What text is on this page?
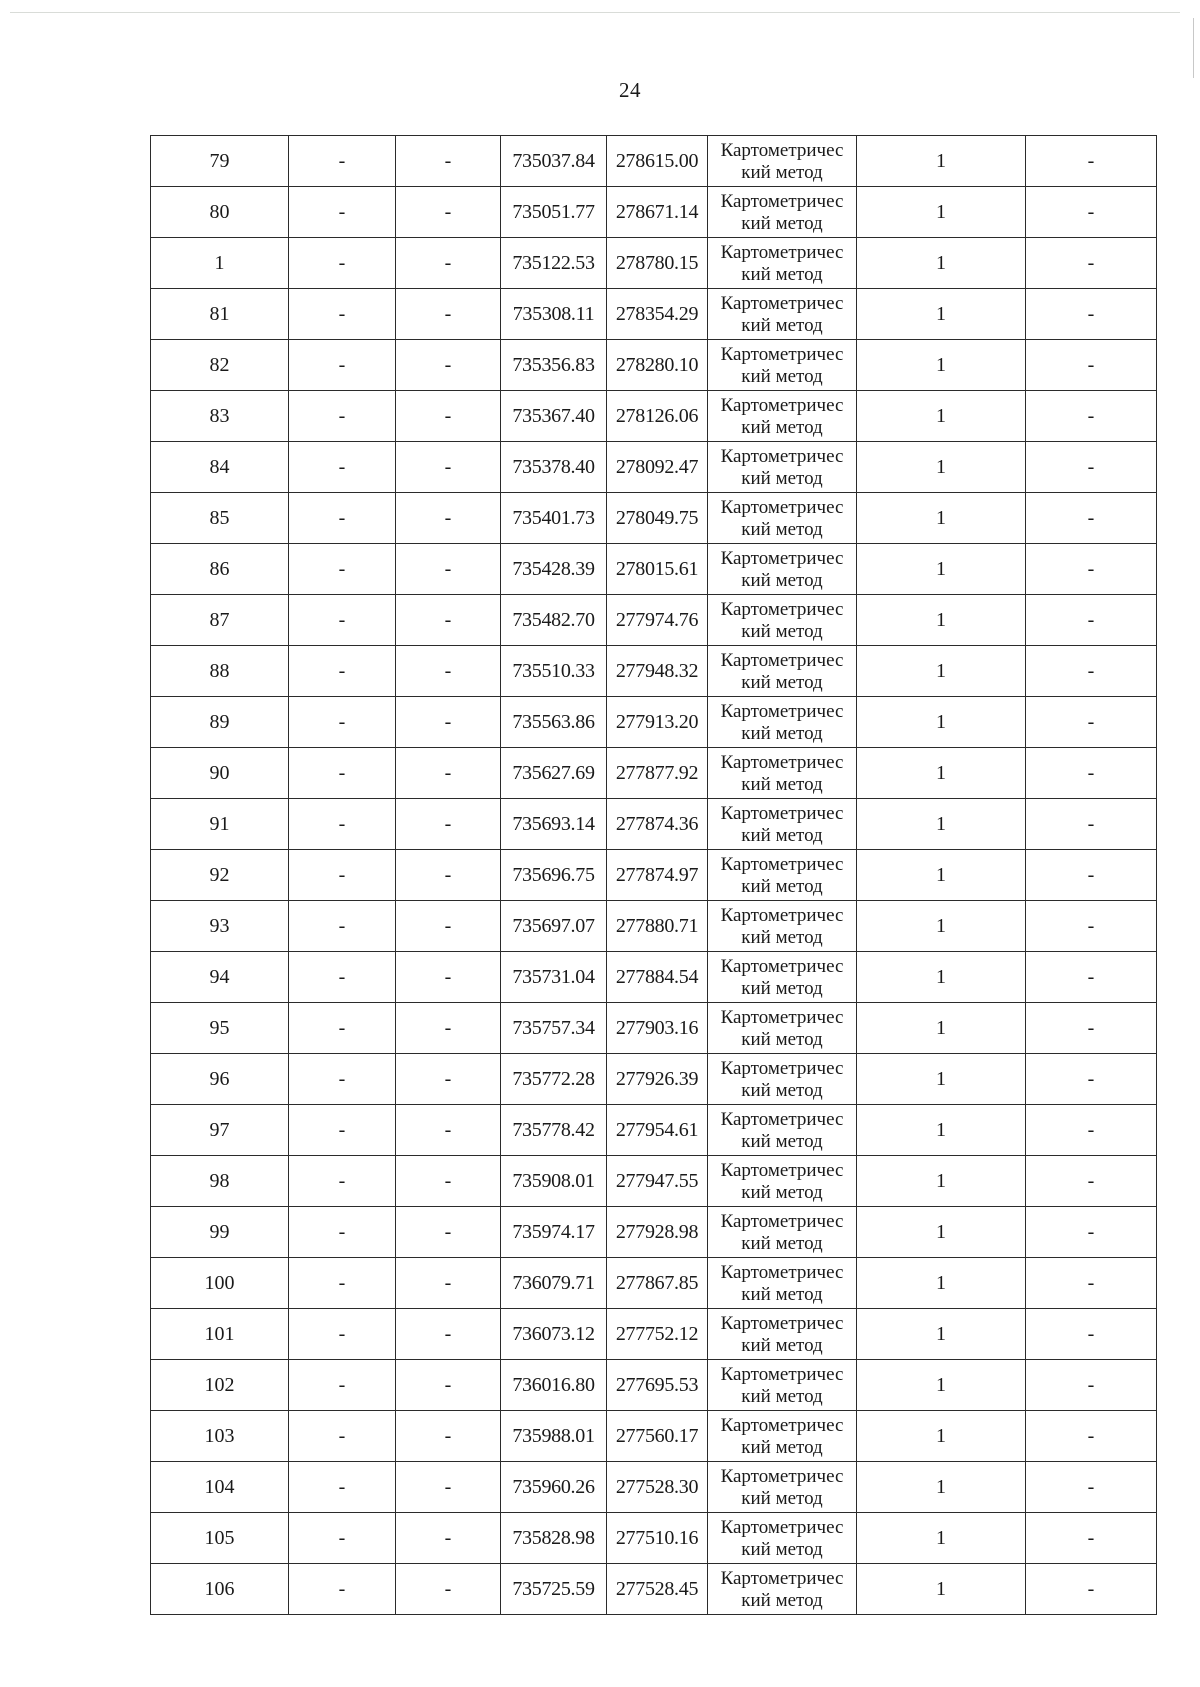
24
79	-	-	735037.84	278615.00	Картометричес
кий метод	1	-
80	-	-	735051.77	278671.14	Картометричес
кий метод	1	-
1	-	-	735122.53	278780.15	Картометричес
кий метод	1	-
81	-	-	735308.11	278354.29	Картометричес
кий метод	1	-
82	-	-	735356.83	278280.10	Картометричес
кий метод	1	-
83	-	-	735367.40	278126.06	Картометричес
кий метод	1	-
84	-	-	735378.40	278092.47	Картометричес
кий метод	1	-
85	-	-	735401.73	278049.75	Картометричес
кий метод	1	-
86	-	-	735428.39	278015.61	Картометричес
кий метод	1	-
87	-	-	735482.70	277974.76	Картометричес
кий метод	1	-
88	-	-	735510.33	277948.32	Картометричес
кий метод	1	-
89	-	-	735563.86	277913.20	Картометричес
кий метод	1	-
90	-	-	735627.69	277877.92	Картометричес
кий метод	1	-
91	-	-	735693.14	277874.36	Картометричес
кий метод	1	-
92	-	-	735696.75	277874.97	Картометричес
кий метод	1	-
93	-	-	735697.07	277880.71	Картометричес
кий метод	1	-
94	-	-	735731.04	277884.54	Картометричес
кий метод	1	-
95	-	-	735757.34	277903.16	Картометричес
кий метод	1	-
96	-	-	735772.28	277926.39	Картометричес
кий метод	1	-
97	-	-	735778.42	277954.61	Картометричес
кий метод	1	-
98	-	-	735908.01	277947.55	Картометричес
кий метод	1	-
99	-	-	735974.17	277928.98	Картометричес
кий метод	1	-
100	-	-	736079.71	277867.85	Картометричес
кий метод	1	-
101	-	-	736073.12	277752.12	Картометричес
кий метод	1	-
102	-	-	736016.80	277695.53	Картометричес
кий метод	1	-
103	-	-	735988.01	277560.17	Картометричес
кий метод	1	-
104	-	-	735960.26	277528.30	Картометричес
кий метод	1	-
105	-	-	735828.98	277510.16	Картометричес
кий метод	1	-
106	-	-	735725.59	277528.45	Картометричес
кий метод	1	-
